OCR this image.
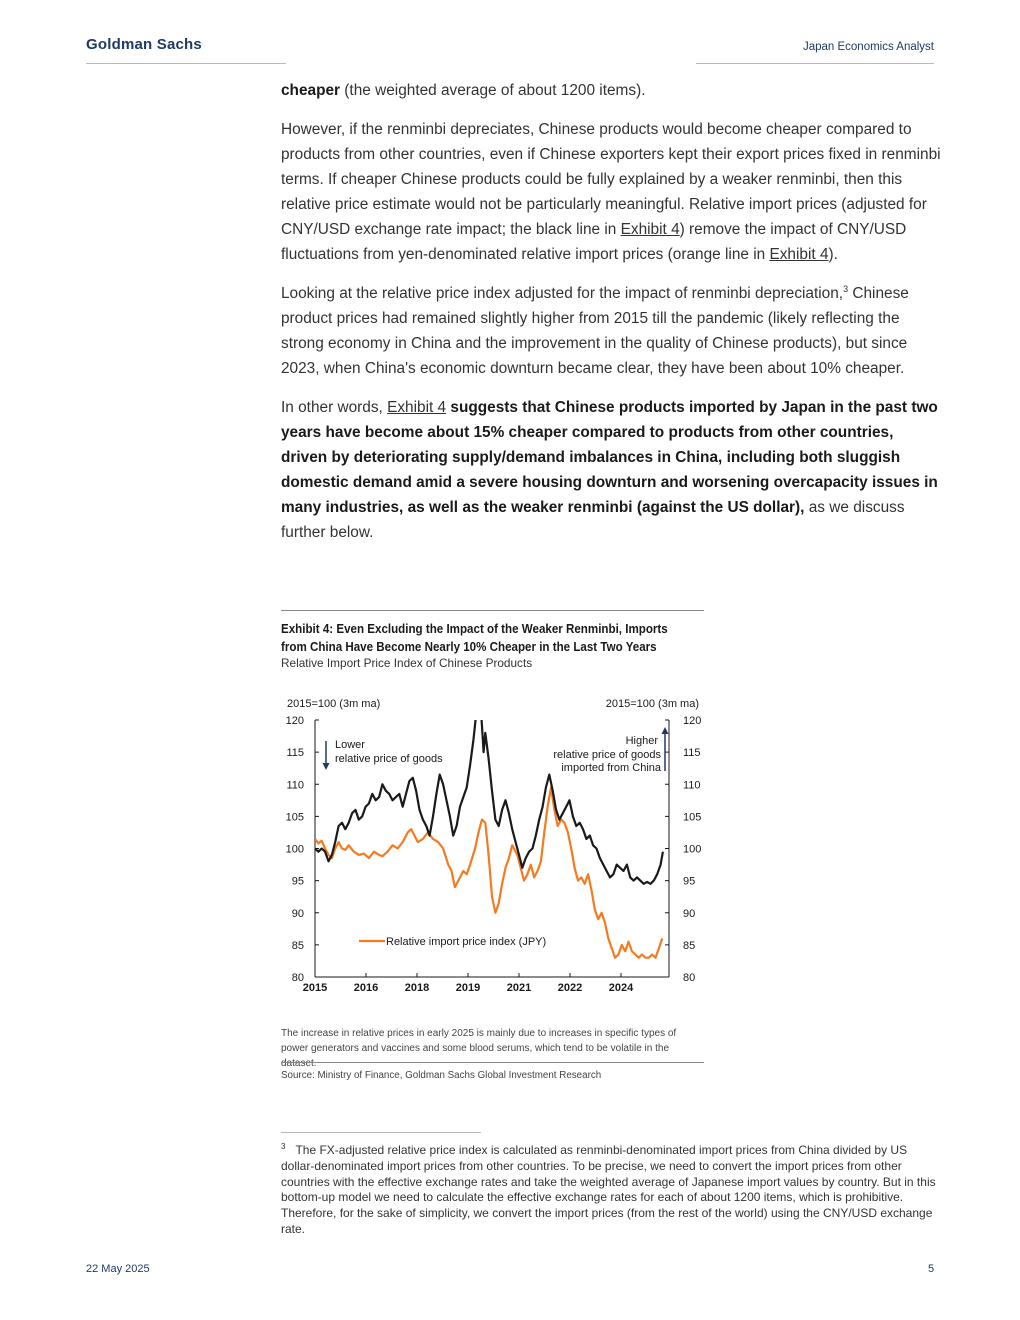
Goldman Sachs	Japan Economics Analyst

cheaper (the weighted average of about 1200 items).

However, if the renminbi depreciates, Chinese products would become cheaper compared to products from other countries, even if Chinese exporters kept their export prices fixed in renminbi terms. If cheaper Chinese products could be fully explained by a weaker renminbi, then this relative price estimate would not be particularly meaningful. Relative import prices (adjusted for CNY/USD exchange rate impact; the black line in Exhibit 4) remove the impact of CNY/USD fluctuations from yen-denominated relative import prices (orange line in Exhibit 4).

Looking at the relative price index adjusted for the impact of renminbi depreciation,$^3$ Chinese product prices had remained slightly higher from 2015 till the pandemic (likely reflecting the strong economy in China and the improvement in the quality of Chinese products), but since 2023, when China's economic downturn became clear, they have been about 10% cheaper.

In other words, Exhibit 4 suggests that Chinese products imported by Japan in the past two years have become about 15% cheaper compared to products from other countries, driven by deteriorating supply/demand imbalances in China, including both sluggish domestic demand amid a severe housing downturn and worsening overcapacity issues in many industries, as well as the weaker renminbi (against the US dollar), as we discuss further below.

Exhibit 4: Even Excluding the Impact of the Weaker Renminbi, Imports from China Have Become Nearly 10% Cheaper in the Last Two Years
Relative Import Price Index of Chinese Products
2015=100 (3m ma)	2015=100 (3m ma)
80	80
85	85
90	90
95	95
100	100
105	105
110	110
115	115
120	120
2015 2016 2018 2019 2021 2022 2024
Lower
relative price of goods
Higher
relative price of goods
imported from China
Relative import price index (JPY)
The increase in relative prices in early 2025 is mainly due to increases in specific types of power generators and vaccines and some blood serums, which tend to be volatile in the dataset.
Source: Ministry of Finance, Goldman Sachs Global Investment Research
$^3$ The FX-adjusted relative price index is calculated as renminbi-denominated import prices from China divided by US dollar-denominated import prices from other countries. To be precise, we need to convert the import prices from other countries with the effective exchange rates and take the weighted average of Japanese import values by country. But in this bottom-up model we need to calculate the effective exchange rates for each of about 1200 items, which is prohibitive. Therefore, for the sake of simplicity, we convert the import prices (from the rest of the world) using the CNY/USD exchange rate.
22 May 2025	5
